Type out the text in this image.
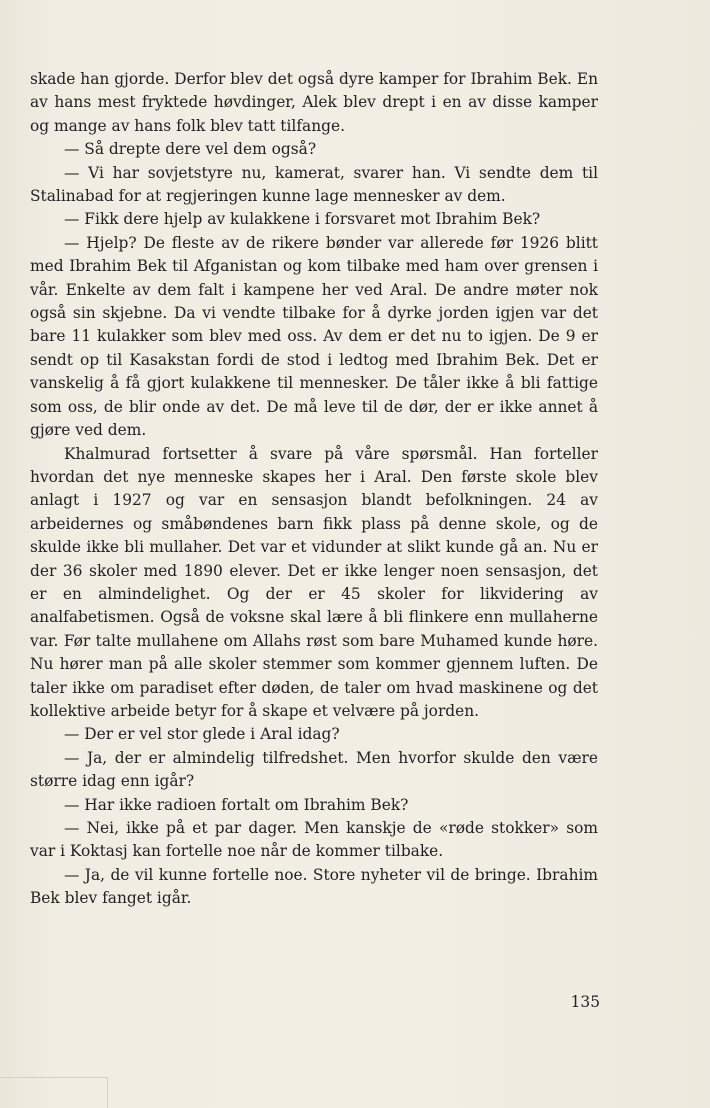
skade han gjorde. Derfor blev det også dyre kamper for Ibrahim Bek. En av hans mest fryktede høvdinger, Alek blev drept i en av disse kamper og mange av hans folk blev tatt tilfange.

— Så drepte dere vel dem også?

— Vi har sovjetstyre nu, kamerat, svarer han. Vi sendte dem til Stalinabad for at regjeringen kunne lage mennesker av dem.

— Fikk dere hjelp av kulakkene i forsvaret mot Ibrahim Bek?

— Hjelp? De fleste av de rikere bønder var allerede før 1926 blitt med Ibrahim Bek til Afganistan og kom tilbake med ham over grensen i vår. Enkelte av dem falt i kampene her ved Aral. De andre møter nok også sin skjebne. Da vi vendte tilbake for å dyrke jorden igjen var det bare 11 kulakker som blev med oss. Av dem er det nu to igjen. De 9 er sendt op til Kasakstan fordi de stod i ledtog med Ibrahim Bek. Det er vanskelig å få gjort kulakkene til mennesker. De tåler ikke å bli fattige som oss, de blir onde av det. De må leve til de dør, der er ikke annet å gjøre ved dem.

Khalmurad fortsetter å svare på våre spørsmål. Han forteller hvordan det nye menneske skapes her i Aral. Den første skole blev anlagt i 1927 og var en sensasjon blandt befolkningen. 24 av arbeidernes og småbøndenes barn fikk plass på denne skole, og de skulde ikke bli mullaher. Det var et vidunder at slikt kunde gå an. Nu er der 36 skoler med 1890 elever. Det er ikke lenger noen sensasjon, det er en almindelighet. Og der er 45 skoler for likvidering av analfabetismen. Også de voksne skal lære å bli flinkere enn mullaherne var. Før talte mullahene om Allahs røst som bare Muhamed kunde høre. Nu hører man på alle skoler stemmer som kommer gjennem luften. De taler ikke om paradiset efter døden, de taler om hvad maskinene og det kollektive arbeide betyr for å skape et velvære på jorden.

— Der er vel stor glede i Aral idag?

— Ja, der er almindelig tilfredshet. Men hvorfor skulde den være større idag enn igår?

— Har ikke radioen fortalt om Ibrahim Bek?

— Nei, ikke på et par dager. Men kanskje de «røde stokker» som var i Koktasj kan fortelle noe når de kommer tilbake.

— Ja, de vil kunne fortelle noe. Store nyheter vil de bringe. Ibrahim Bek blev fanget igår.

135
